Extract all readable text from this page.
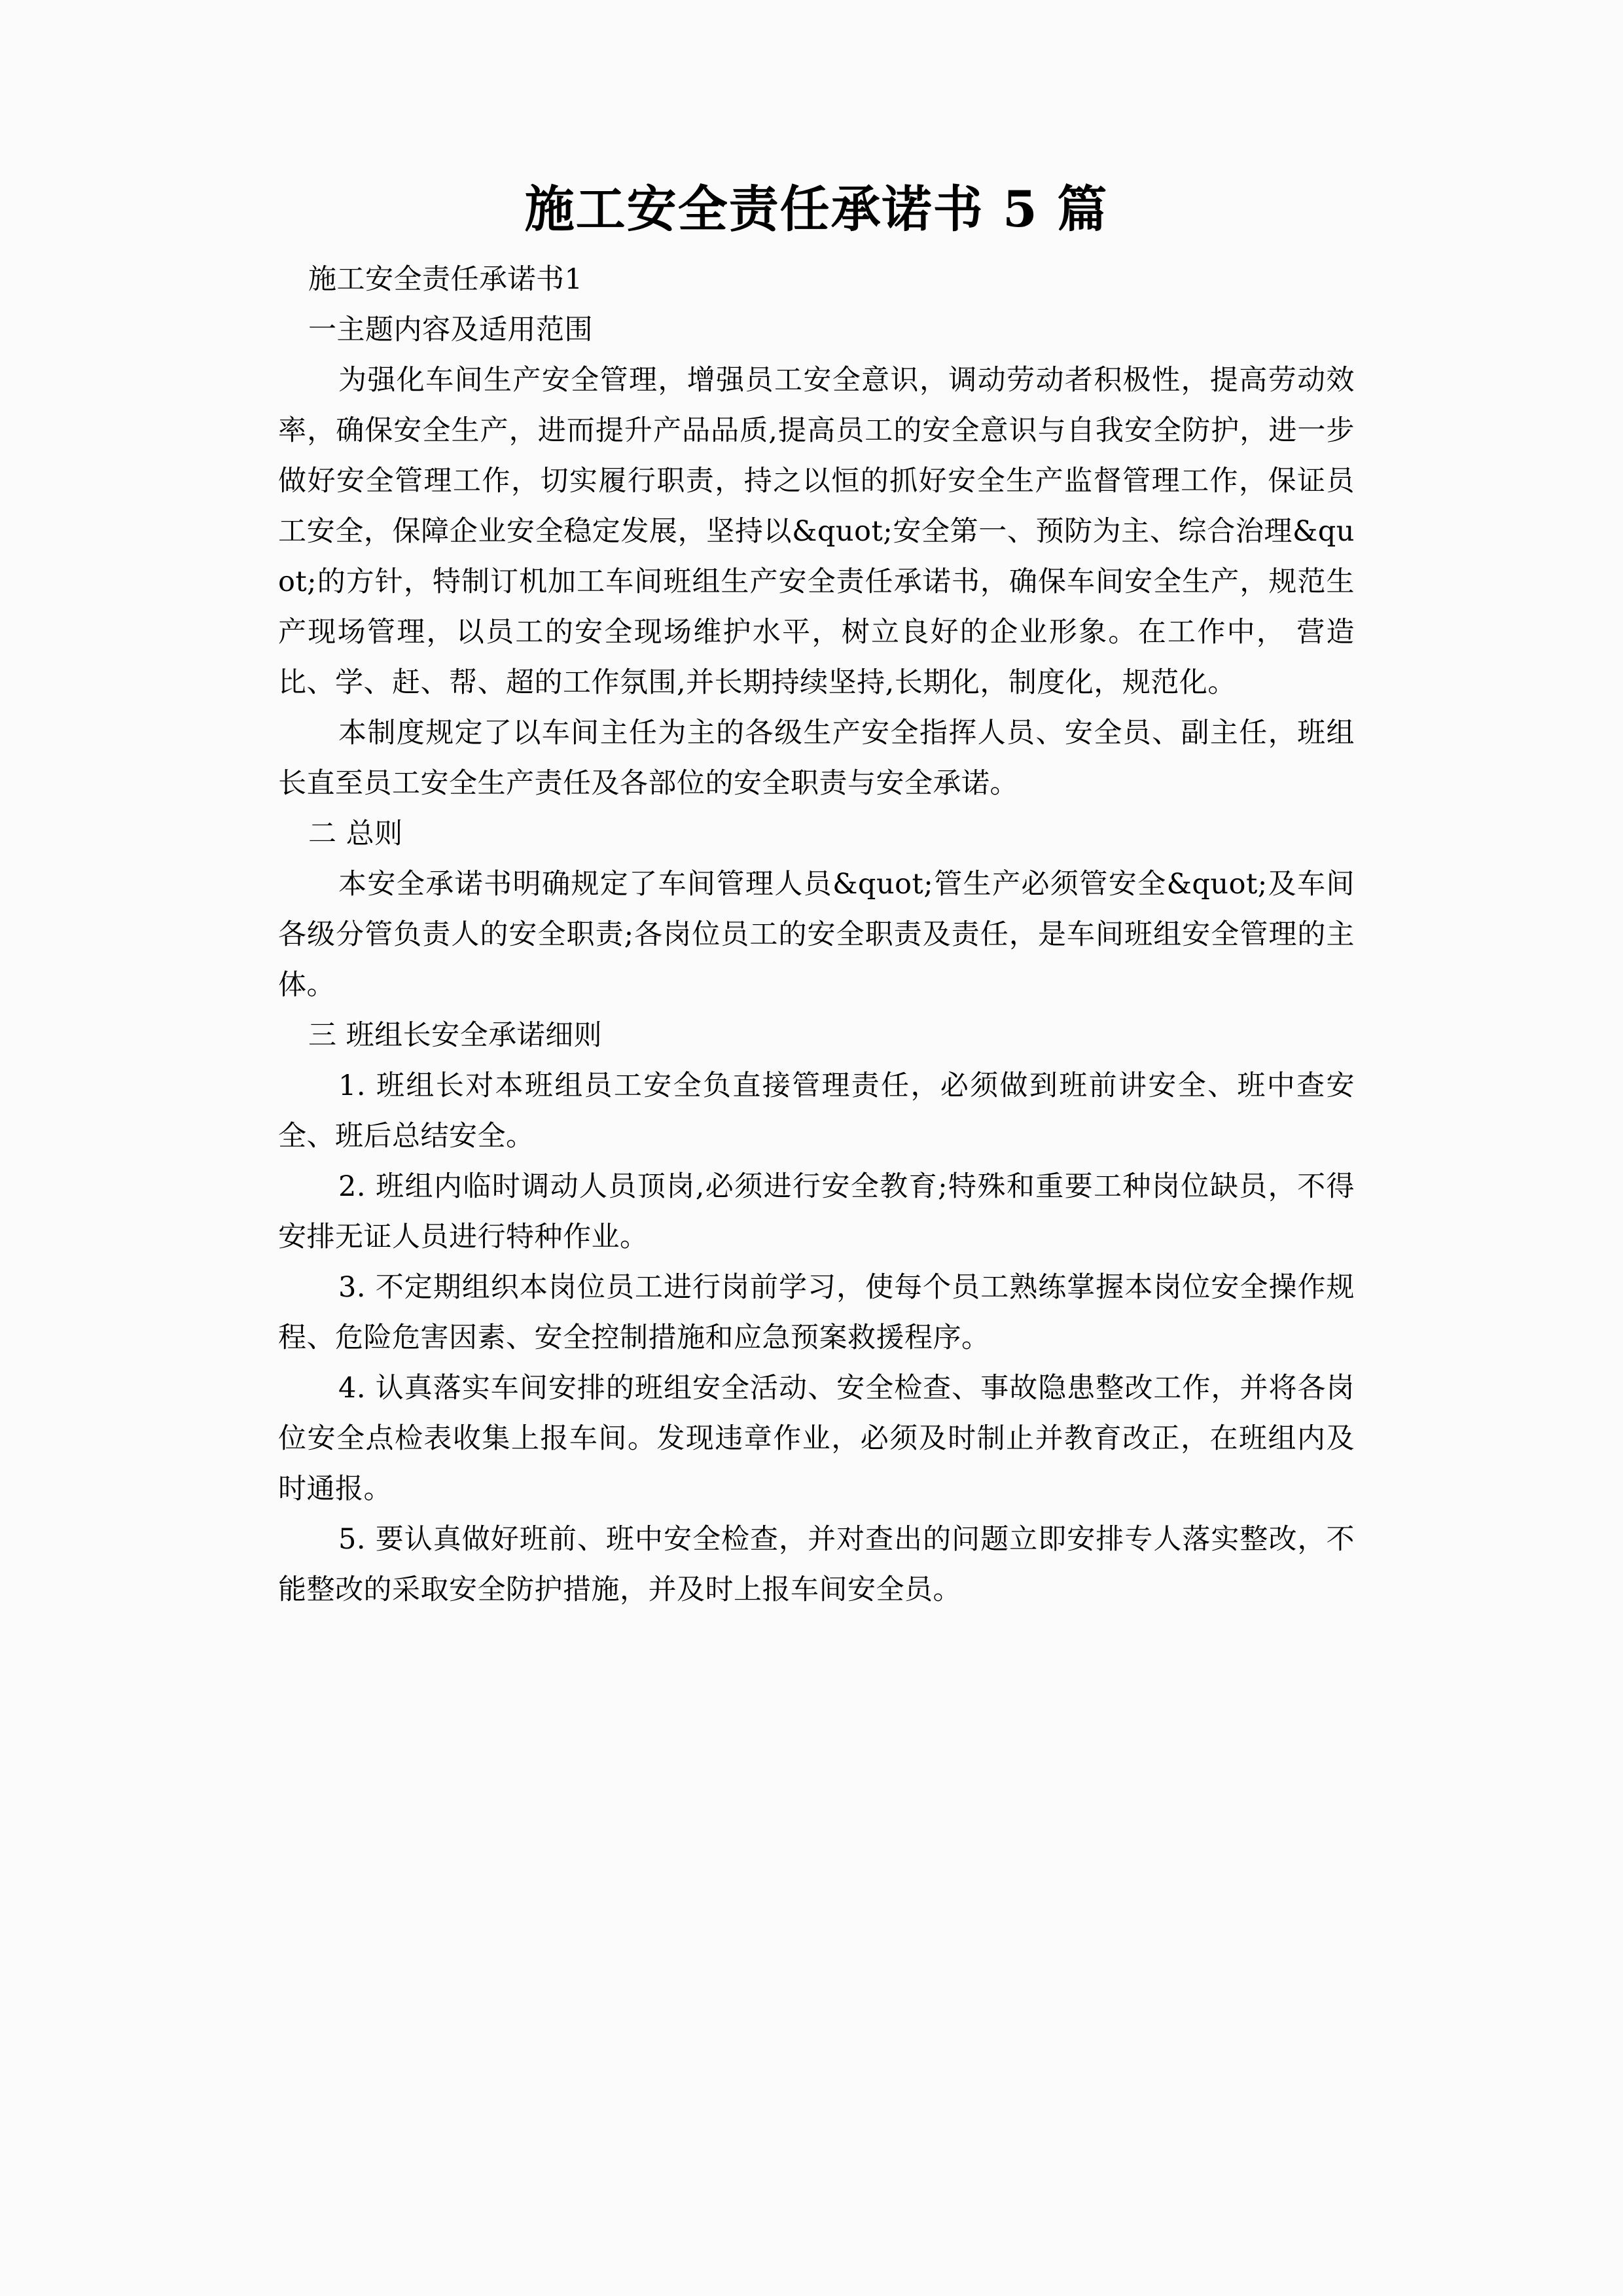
施工安全责任承诺书 5 篇

施工安全责任承诺书1

一主题内容及适用范围

为强化车间生产安全管理，增强员工安全意识，调动劳动者积极性，提高劳动效率，确保安全生产，进而提升产品品质,提高员工的安全意识与自我安全防护，进一步做好安全管理工作，切实履行职责，持之以恒的抓好安全生产监督管理工作，保证员工安全，保障企业安全稳定发展，坚持以&quot;安全第一、预防为主、综合治理&quot;的方针，特制订机加工车间班组生产安全责任承诺书，确保车间安全生产，规范生产现场管理，以员工的安全现场维护水平，树立良好的企业形象。在工作中， 营造比、学、赶、帮、超的工作氛围,并长期持续坚持,长期化，制度化，规范化。

本制度规定了以车间主任为主的各级生产安全指挥人员、安全员、副主任，班组长直至员工安全生产责任及各部位的安全职责与安全承诺。

二 总则

本安全承诺书明确规定了车间管理人员&quot;管生产必须管安全&quot;及车间各级分管负责人的安全职责;各岗位员工的安全职责及责任，是车间班组安全管理的主体。

三 班组长安全承诺细则

1. 班组长对本班组员工安全负直接管理责任，必须做到班前讲安全、班中查安全、班后总结安全。

2. 班组内临时调动人员顶岗,必须进行安全教育;特殊和重要工种岗位缺员，不得安排无证人员进行特种作业。

3. 不定期组织本岗位员工进行岗前学习，使每个员工熟练掌握本岗位安全操作规程、危险危害因素、安全控制措施和应急预案救援程序。

4. 认真落实车间安排的班组安全活动、安全检查、事故隐患整改工作，并将各岗位安全点检表收集上报车间。发现违章作业，必须及时制止并教育改正，在班组内及时通报。

5. 要认真做好班前、班中安全检查，并对查出的问题立即安排专人落实整改，不能整改的采取安全防护措施，并及时上报车间安全员。
